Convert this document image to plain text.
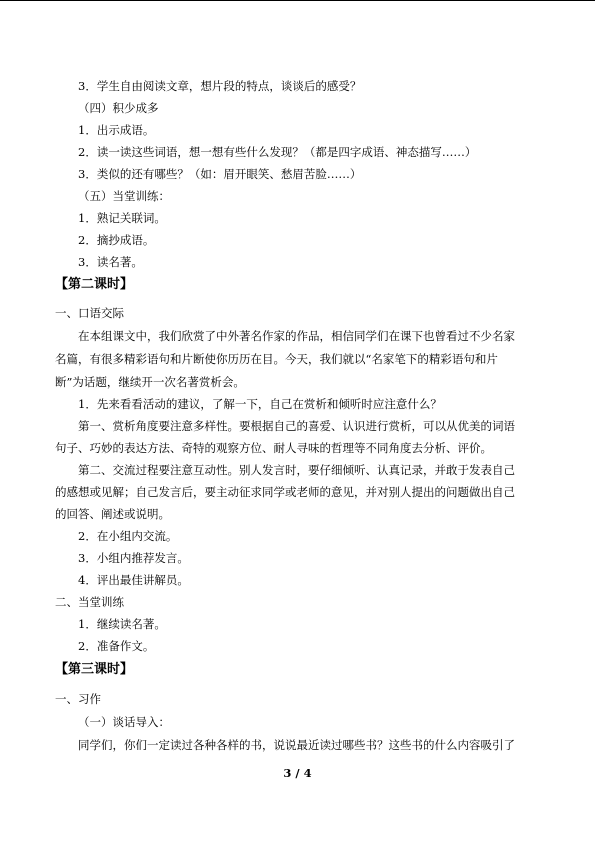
3．学生自由阅读文章，想片段的特点，谈谈后的感受？
（四）积少成多
1．出示成语。
2．读一读这些词语，想一想有些什么发现？（都是四字成语、神态描写……）
3．类似的还有哪些？（如：眉开眼笑、愁眉苦脸……）
（五）当堂训练：
1．熟记关联词。
2．摘抄成语。
3．读名著。
【第二课时】
一、口语交际
在本组课文中，我们欣赏了中外著名作家的作品，相信同学们在课下也曾看过不少名家
名篇，有很多精彩语句和片断使你历历在目。今天，我们就以“名家笔下的精彩语句和片
断”为话题，继续开一次名著赏析会。
1．先来看看活动的建议，了解一下，自己在赏析和倾听时应注意什么？
第一、赏析角度要注意多样性。要根据自己的喜爱、认识进行赏析，可以从优美的词语
句子、巧妙的表达方法、奇特的观察方位、耐人寻味的哲理等不同角度去分析、评价。
第二、交流过程要注意互动性。别人发言时，要仔细倾听、认真记录，并敢于发表自己
的感想或见解；自己发言后，要主动征求同学或老师的意见，并对别人提出的问题做出自己
的回答、阐述或说明。
2．在小组内交流。
3．小组内推荐发言。
4．评出最佳讲解员。
二、当堂训练
1．继续读名著。
2．准备作文。
【第三课时】
一、习作
（一）谈话导入：
同学们，你们一定读过各种各样的书，说说最近读过哪些书？这些书的什么内容吸引了
3 / 4
